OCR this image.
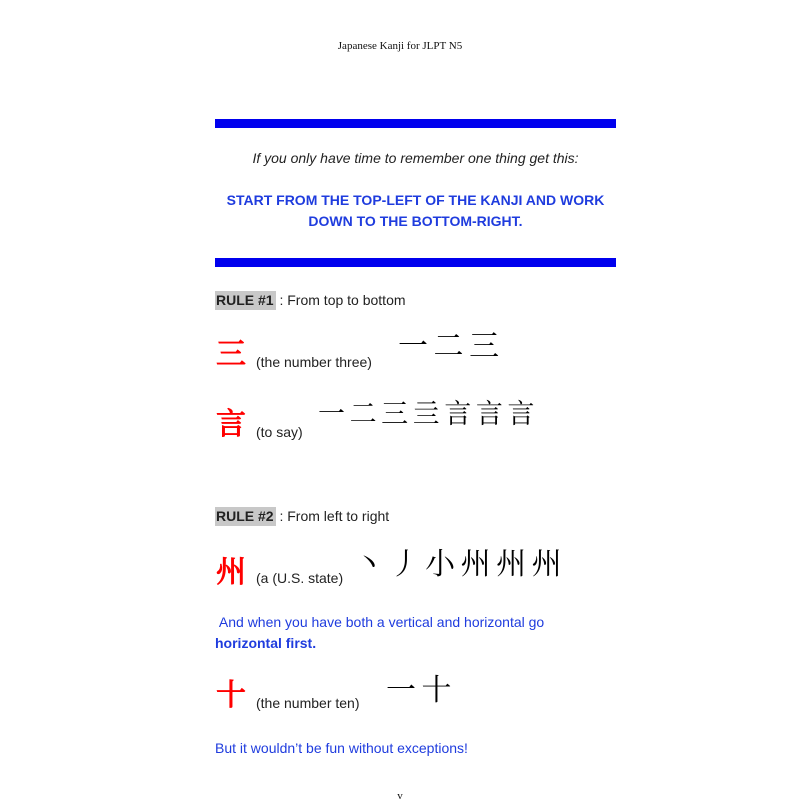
Japanese Kanji for JLPT N5
If you only have time to remember one thing get this:
START FROM THE TOP-LEFT OF THE KANJI AND WORK DOWN TO THE BOTTOM-RIGHT.
RULE #1 : From top to bottom
三 (the number three) 一 二 三
言 (to say)
一 二 三 亖 言 言 言
RULE #2 : From left to right
州 (a (U.S. state) 丶 丿 小 州 州 州
And when you have both a vertical and horizontal go
horizontal first.
十 (the number ten) 一 十
But it wouldn’t be fun without exceptions!
v
